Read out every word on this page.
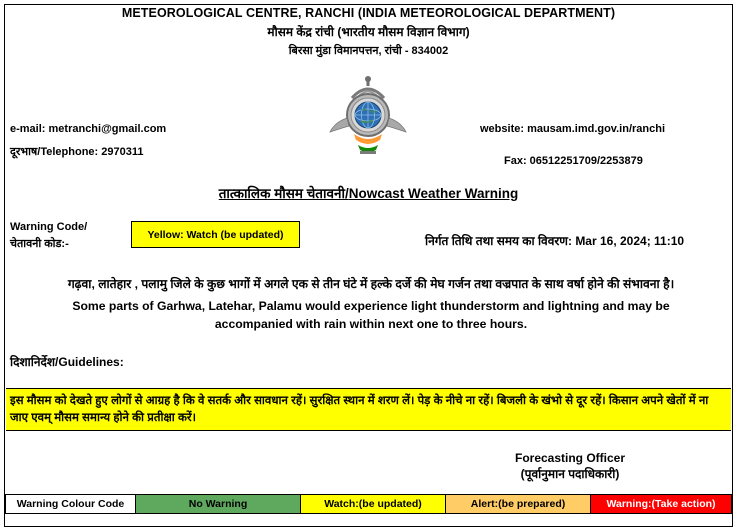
METEOROLOGICAL CENTRE, RANCHI (INDIA METEOROLOGICAL DEPARTMENT)
मौसम केंद्र रांची (भारतीय मौसम विज्ञान विभाग)
बिरसा मुंडा विमानपत्तन, रांची - 834002
e-mail: metranchi@gmail.com
दूरभाष/Telephone: 2970311
website: mausam.imd.gov.in/ranchi
Fax: 06512251709/2253879
तात्कालिक मौसम चेतावनी/Nowcast Weather Warning
Warning Code/
चेतावनी कोड:-
Yellow: Watch (be updated)	निर्गत तिथि तथा समय का विवरण: Mar 16, 2024; 11:10
गढ़वा, लातेहार , पलामु जिले के कुछ भागों में अगले एक से तीन घंटे में हल्के दर्जे की मेघ गर्जन तथा वज्रपात के साथ वर्षा होने की संभावना है।
Some parts of Garhwa, Latehar, Palamu would experience light thunderstorm and lightning and may be accompanied with rain within next one to three hours.
दिशानिर्देश/Guidelines:
इस मौसम को देखते हुए लोगों से आग्रह है कि वे सतर्क और सावधान रहें। सुरक्षित स्थान में शरण लें। पेड़ के नीचे ना रहें। बिजली के खंभो से दूर रहें। किसान अपने खेतों में ना जाए एवम् मौसम समान्य होने की प्रतीक्षा करें।
Forecasting Officer
(पूर्वानुमान पदाधिकारी)
Warning Colour Code	No Warning	Watch:(be updated)	Alert:(be prepared)	Warning:(Take action)
